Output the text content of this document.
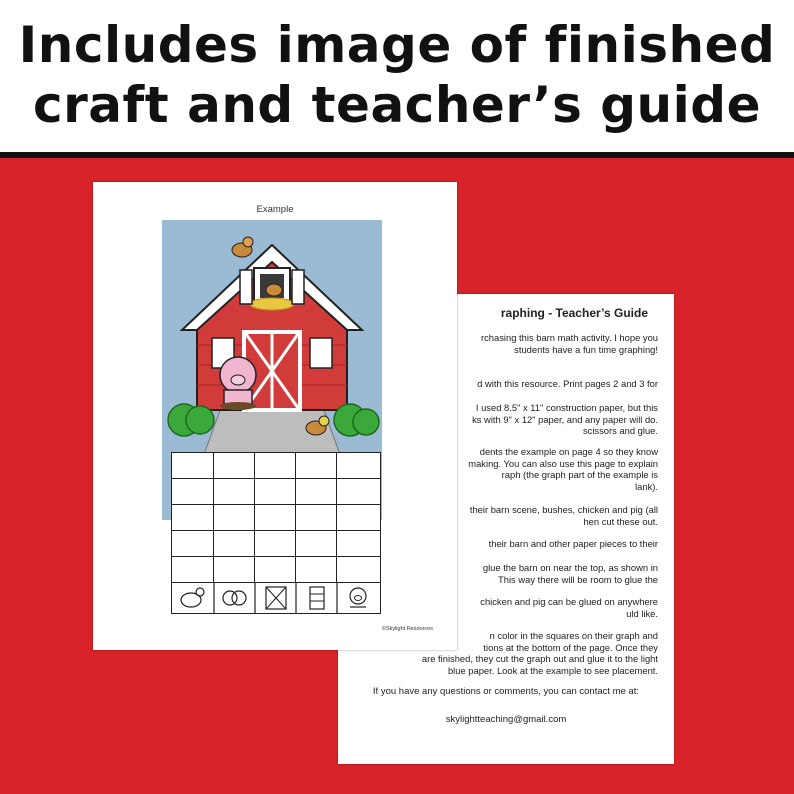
Includes image of finished
craft and teacher’s guide
raphing - Teacher’s Guide
rchasing this barn math activity. I hope you
students have a fun time graphing!
d with this resource. Print pages 2 and 3 for
I used 8.5" x 11" construction paper, but this
ks with 9" x 12" paper, and any paper will do.
scissors and glue.
dents the example on page 4 so they know
making. You can also use this page to explain
raph (the graph part of the example is
lank).
their barn scene, bushes, chicken and pig (all
hen cut these out.
their barn and other paper pieces to their
glue the barn on near the top, as shown in
This way there will be room to glue the
chicken and pig can be glued on anywhere
uld like.
n color in the squares on their graph and
tions at the bottom of the page. Once they
are finished, they cut the graph out and glue it to the light
blue paper. Look at the example to see placement.
If you have any questions or comments, you can contact me at:
skylightteaching@gmail.com
Example
©Skylight Resources
